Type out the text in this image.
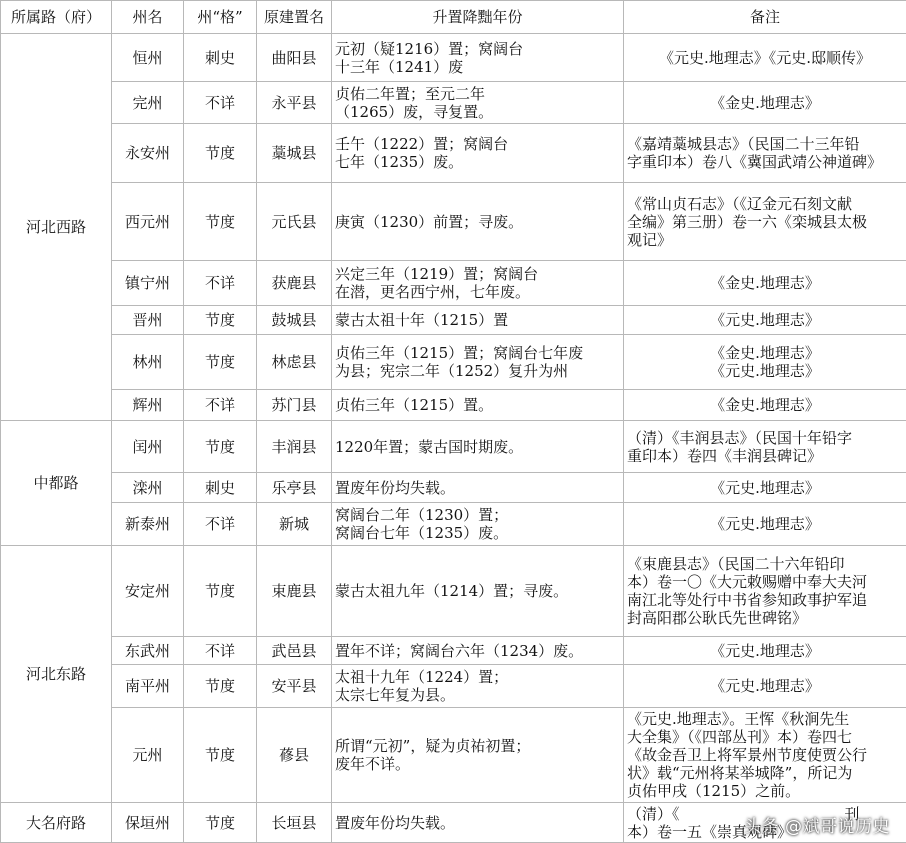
所属路（府）	州名	州“格”	原建置名	升置降黜年份	备注
河北西路	恒州	刺史	曲阳县	元初（疑1216）置；窝阔台
十三年（1241）废	《元史.地理志》《元史.邸顺传》
	完州	不详	永平县	贞佑二年置；至元二年
（1265）废，寻复置。	《金史.地理志》
	永安州	节度	藁城县	壬午（1222）置；窝阔台
七年（1235）废。	《嘉靖藁城县志》（民国二十三年铅
字重印本）卷八《冀国武靖公神道碑》
	西元州	节度	元氏县	庚寅（1230）前置；寻废。	《常山贞石志》（《辽金元石刻文献
全编》第三册）卷一六《栾城县太极
观记》
	镇宁州	不详	获鹿县	兴定三年（1219）置；窝阔台
在潜，更名西宁州，七年废。	《金史.地理志》
	晋州	节度	鼓城县	蒙古太祖十年（1215）置	《元史.地理志》
	林州	节度	林虑县	贞佑三年（1215）置；窝阔台七年废
为县；宪宗二年（1252）复升为州	《金史.地理志》
《元史.地理志》
	辉州	不详	苏门县	贞佑三年（1215）置。	《金史.地理志》
中都路	闰州	节度	丰润县	1220年置；蒙古国时期废。	（清）《丰润县志》（民国十年铅字
重印本）卷四《丰润县碑记》
	滦州	刺史	乐亭县	置废年份均失载。	《元史.地理志》
	新泰州	不详	新城	窝阔台二年（1230）置；
窝阔台七年（1235）废。	《元史.地理志》
河北东路	安定州	节度	束鹿县	蒙古太祖九年（1214）置；寻废。	《束鹿县志》（民国二十六年铅印
本）卷一〇《大元敕赐赠中奉大夫河
南江北等处行中书省参知政事护军追
封高阳郡公耿氏先世碑铭》
	东武州	不详	武邑县	置年不详；窝阔台六年（1234）废。	《元史.地理志》
	南平州	节度	安平县	太祖十九年（1224）置；
太宗七年复为县。	《元史.地理志》
	元州	节度	蓚县	所谓“元初”，疑为贞祐初置；
废年不详。	《元史.地理志》。王恽《秋涧先生
大全集》（《四部丛刊》本）卷四七
《故金吾卫上将军景州节度使贾公行
状》载“元州将某举城降”，所记为
贞佑甲戌（1215）之前。
大名府路	保垣州	节度	长垣县	置废年份均失载。	（清）《　　　　　　　　　　　刊
本）卷一五《崇真观碑》
头条 @斌哥说历史
